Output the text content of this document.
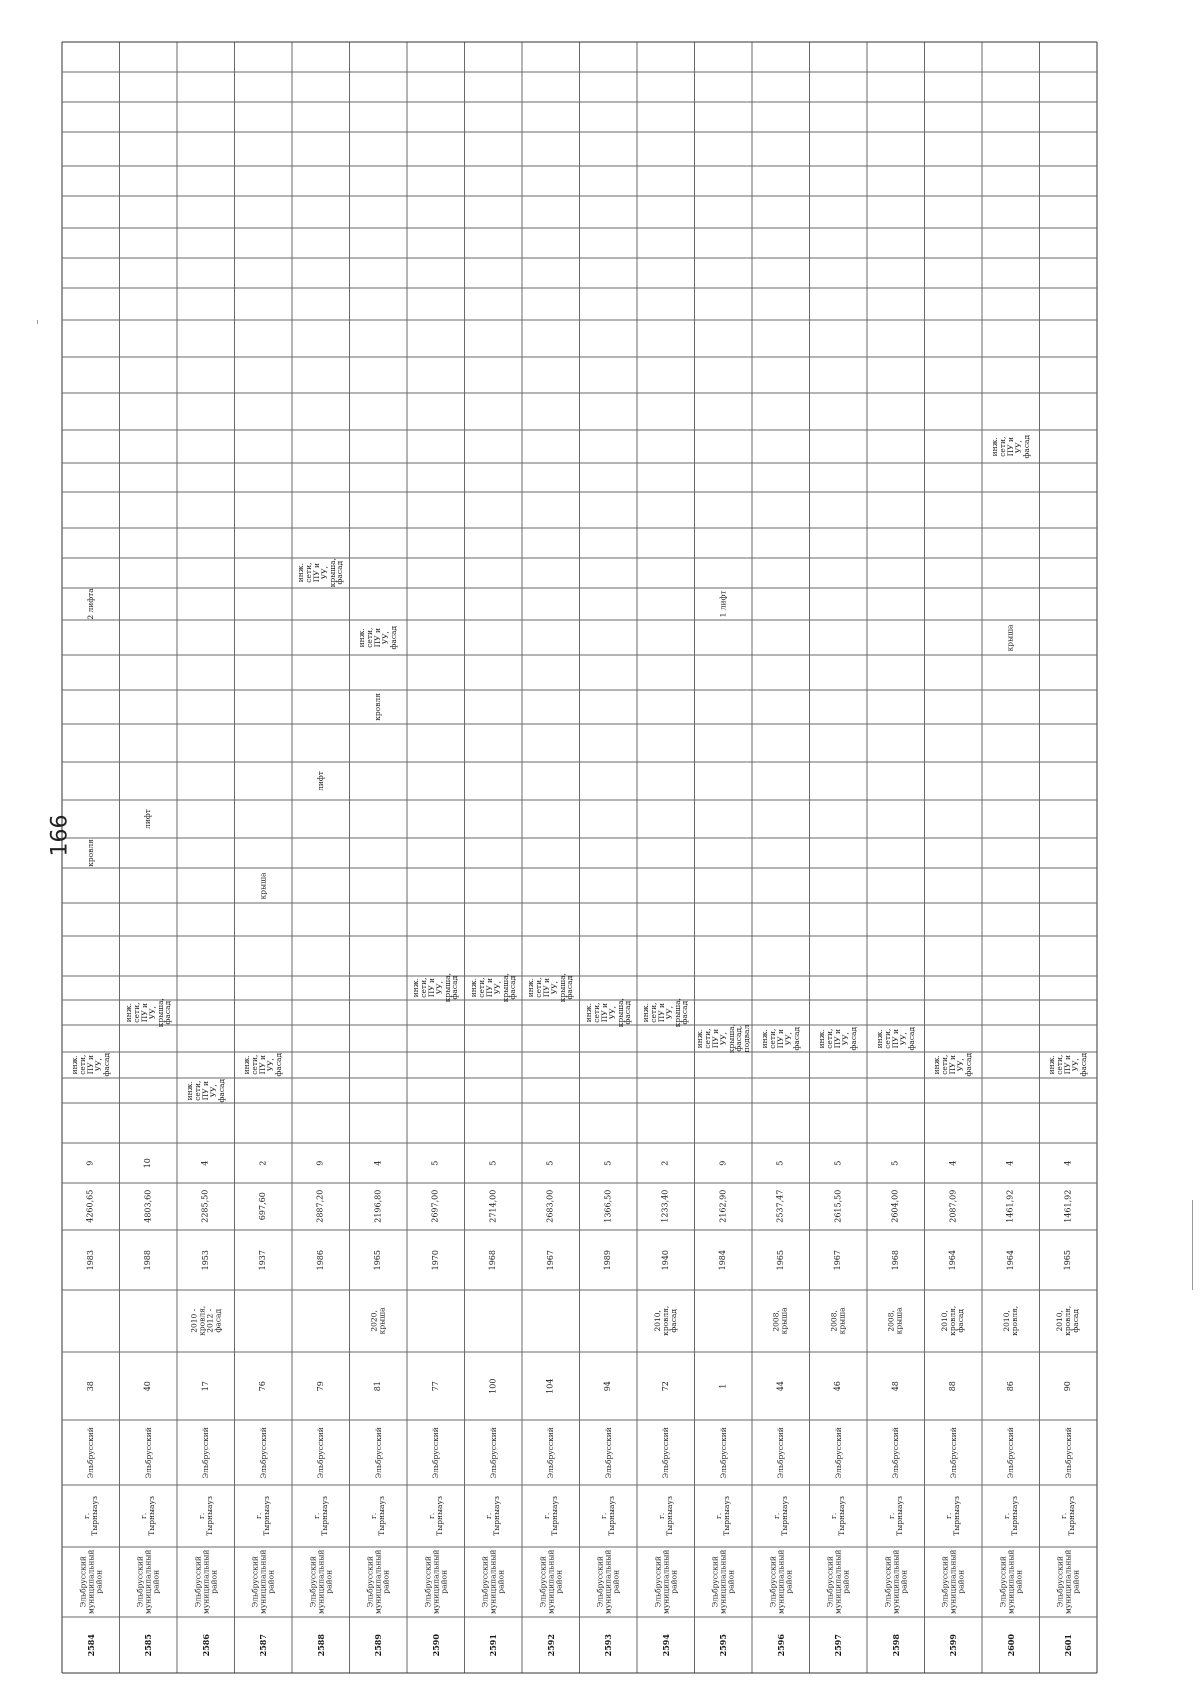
2584
Эльбрусский
муниципальный
район
г.
Тырныауз
Эльбрусский
38
1983
4260,65
9
инж.
сети,
ПУ и
УУ,
фасад
кровля
2 лифта
2585
Эльбрусский
муниципальный
район
г.
Тырныауз
Эльбрусский
40
1988
4803,60
10
инж.
сети,
ПУ и
УУ,
крыша,
фасад
лифт
2586
Эльбрусский
муниципальный
район
г.
Тырныауз
Эльбрусский
17
2010 -
кровля,
2012 -
фасад
1953
2285,50
4
инж.
сети,
ПУ и
УУ,
фасад
2587
Эльбрусский
муниципальный
район
г.
Тырныауз
Эльбрусский
76
1937
697,60
2
инж.
сети,
ПУ и
УУ,
фасад
крыша
2588
Эльбрусский
муниципальный
район
г.
Тырныауз
Эльбрусский
79
1986
2887,20
9
лифт
инж.
сети,
ПУ и
УУ,
крыша,
фасад
2589
Эльбрусский
муниципальный
район
г.
Тырныауз
Эльбрусский
81
2020,
крыша
1965
2196,80
4
кровля
инж.
сети,
ПУ и
УУ,
фасад
2590
Эльбрусский
муниципальный
район
г.
Тырныауз
Эльбрусский
77
1970
2697,00
5
инж.
сети,
ПУ и
УУ,
крыша,
фасад
2591
Эльбрусский
муниципальный
район
г.
Тырныауз
Эльбрусский
100
1968
2714,00
5
инж.
сети,
ПУ и
УУ,
крыша,
фасад
2592
Эльбрусский
муниципальный
район
г.
Тырныауз
Эльбрусский
104
1967
2683,00
5
инж.
сети,
ПУ и
УУ,
крыша,
фасад
2593
Эльбрусский
муниципальный
район
г.
Тырныауз
Эльбрусский
94
1989
1366,50
5
инж.
сети,
ПУ и
УУ,
крыша,
фасад
2594
Эльбрусский
муниципальный
район
г.
Тырныауз
Эльбрусский
72
2010,
кровля,
фасад
1940
1233,40
2
инж.
сети,
ПУ и
УУ,
крыша,
фасад
2595
Эльбрусский
муниципальный
район
г.
Тырныауз
Эльбрусский
1
1984
2162,90
9
инж.
сети,
ПУ и
УУ,
крыша,
фасад,
подвал
1 лифт
2596
Эльбрусский
муниципальный
район
г.
Тырныауз
Эльбрусский
44
2008,
крыша
1965
2537,47
5
инж.
сети,
ПУ и
УУ,
фасад
2597
Эльбрусский
муниципальный
район
г.
Тырныауз
Эльбрусский
46
2008,
крыша
1967
2615,50
5
инж.
сети,
ПУ и
УУ,
фасад
2598
Эльбрусский
муниципальный
район
г.
Тырныауз
Эльбрусский
48
2008,
крыша
1968
2604,00
5
инж.
сети,
ПУ и
УУ,
фасад
2599
Эльбрусский
муниципальный
район
г.
Тырныауз
Эльбрусский
88
2010,
кровля,
фасад
1964
2087,09
4
инж.
сети,
ПУ и
УУ,
фасад
2600
Эльбрусский
муниципальный
район
г.
Тырныауз
Эльбрусский
86
2010,
кровля,
1964
1461,92
4
крыша
инж.
сети,
ПУ и
УУ,
фасад
2601
Эльбрусский
муниципальный
район
г.
Тырныауз
Эльбрусский
90
2010,
кровля,
фасад
1965
1461,92
4
инж.
сети,
ПУ и
УУ,
фасад
166
